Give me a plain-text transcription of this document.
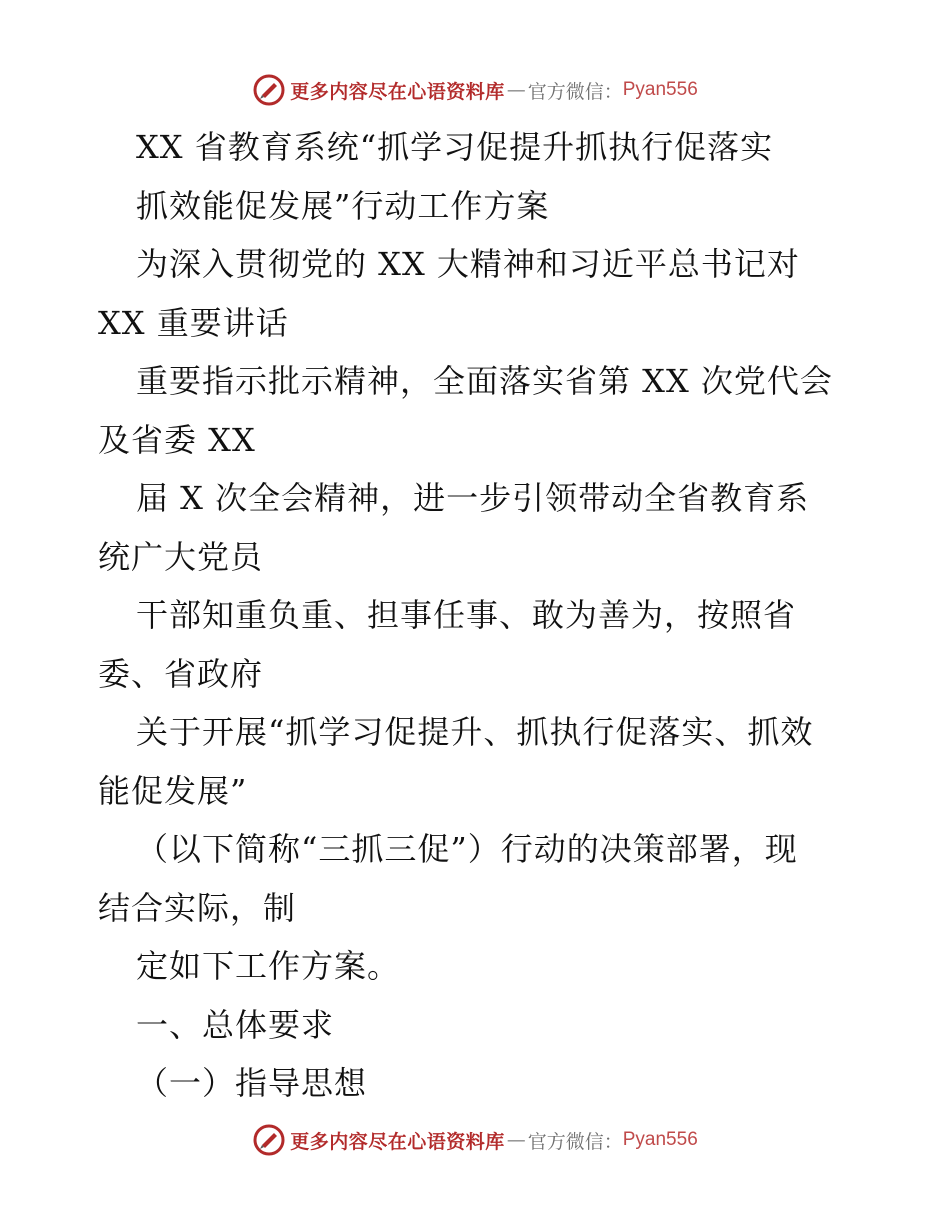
更多内容尽在心语资料库 — 官方微信： Pyan556
XX 省教育系统“抓学习促提升抓执行促落实
抓效能促发展”行动工作方案
为深入贯彻党的 XX 大精神和习近平总书记对
XX 重要讲话
重要指示批示精神，全面落实省第 XX 次党代会
及省委 XX
届 X 次全会精神，进一步引领带动全省教育系
统广大党员
干部知重负重、担事任事、敢为善为，按照省
委、省政府
关于开展“抓学习促提升、抓执行促落实、抓效
能促发展”
（以下简称“三抓三促”）行动的决策部署，现
结合实际，制
定如下工作方案。
一、总体要求
（一）指导思想
更多内容尽在心语资料库 — 官方微信： Pyan556
